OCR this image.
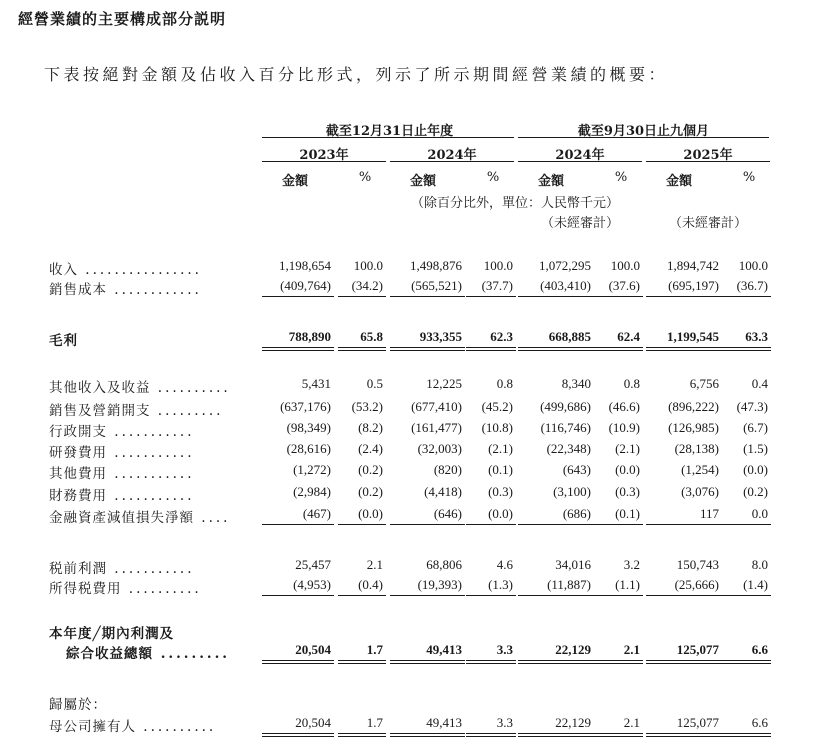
經營業績的主要構成部分説明
下表按絕對金額及佔收入百分比形式，列示了所示期間經營業績的概要：
截至12月31日止年度	截至9月30日止九個月
2023年	2024年	2024年	2025年
金額	%	金額	%	金額	%	金額	%
（除百分比外，單位：人民幣千元）
（未經審計）	（未經審計）
收入 ................	1,198,654	100.0	1,498,876	100.0	1,072,295	100.0	1,894,742	100.0
銷售成本 ............	(409,764)	(34.2)	(565,521)	(37.7)	(403,410)	(37.6)	(695,197)	(36.7)
毛利	788,890	65.8	933,355	62.3	668,885	62.4	1,199,545	63.3
其他收入及收益 ..........	5,431	0.5	12,225	0.8	8,340	0.8	6,756	0.4
銷售及營銷開支 .........	(637,176)	(53.2)	(677,410)	(45.2)	(499,686)	(46.6)	(896,222)	(47.3)
行政開支 ...........	(98,349)	(8.2)	(161,477)	(10.8)	(116,746)	(10.9)	(126,985)	(6.7)
研發費用 ...........	(28,616)	(2.4)	(32,003)	(2.1)	(22,348)	(2.1)	(28,138)	(1.5)
其他費用 ...........	(1,272)	(0.2)	(820)	(0.1)	(643)	(0.0)	(1,254)	(0.0)
財務費用 ...........	(2,984)	(0.2)	(4,418)	(0.3)	(3,100)	(0.3)	(3,076)	(0.2)
金融資產減值損失淨額 ....	(467)	(0.0)	(646)	(0.0)	(686)	(0.1)	117	0.0
税前利潤 ...........	25,457	2.1	68,806	4.6	34,016	3.2	150,743	8.0
所得税費用 ..........	(4,953)	(0.4)	(19,393)	(1.3)	(11,887)	(1.1)	(25,666)	(1.4)
本年度╱期內利潤及
綜合收益總額 .........	20,504	1.7	49,413	3.3	22,129	2.1	125,077	6.6
歸屬於：
母公司擁有人 ..........	20,504	1.7	49,413	3.3	22,129	2.1	125,077	6.6
